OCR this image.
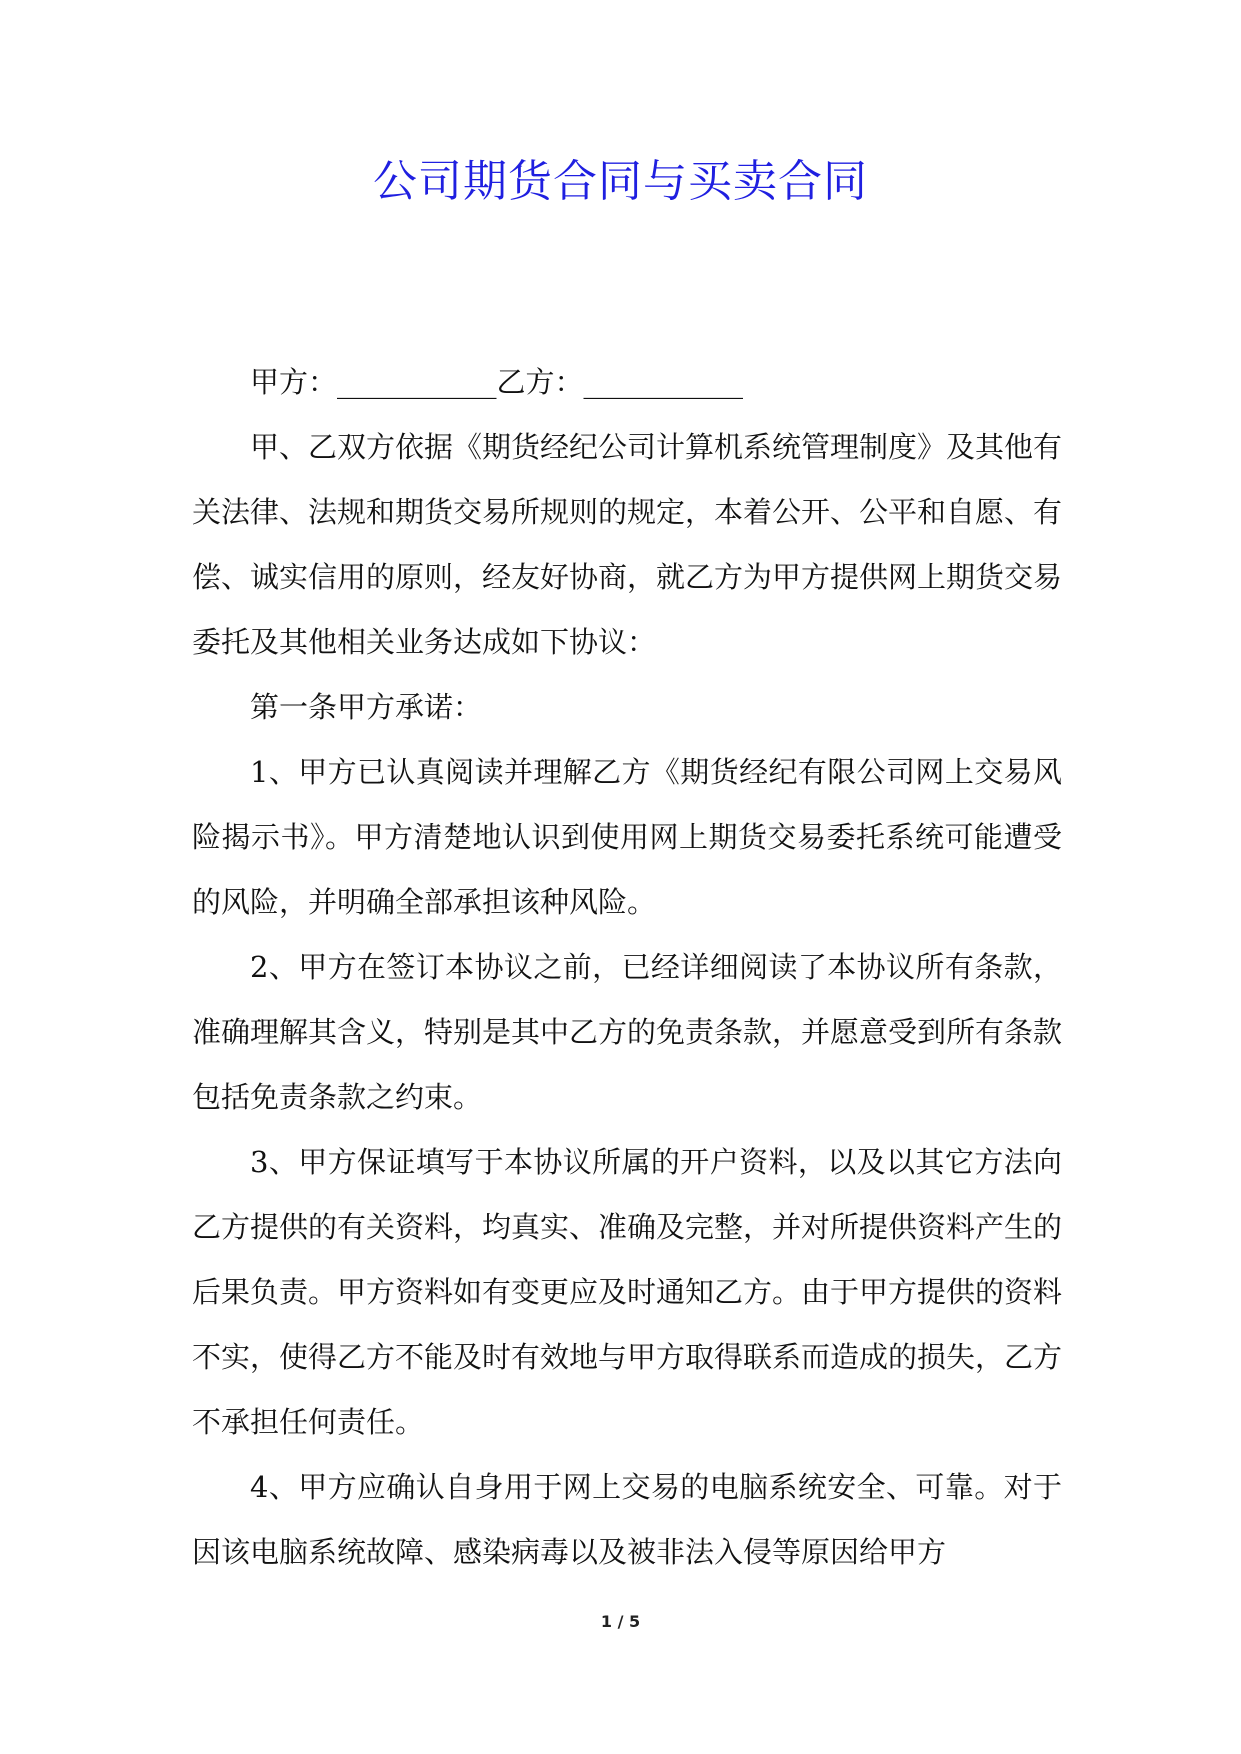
公司期货合同与买卖合同

甲方：___________乙方：___________

甲、乙双方依据《期货经纪公司计算机系统管理制度》及其他有关法律、法规和期货交易所规则的规定，本着公开、公平和自愿、有偿、诚实信用的原则，经友好协商，就乙方为甲方提供网上期货交易委托及其他相关业务达成如下协议：

第一条甲方承诺：

1、甲方已认真阅读并理解乙方《期货经纪有限公司网上交易风险揭示书》。甲方清楚地认识到使用网上期货交易委托系统可能遭受的风险，并明确全部承担该种风险。

2、甲方在签订本协议之前，已经详细阅读了本协议所有条款，准确理解其含义，特别是其中乙方的免责条款，并愿意受到所有条款包括免责条款之约束。

3、甲方保证填写于本协议所属的开户资料，以及以其它方法向乙方提供的有关资料，均真实、准确及完整，并对所提供资料产生的后果负责。甲方资料如有变更应及时通知乙方。由于甲方提供的资料不实，使得乙方不能及时有效地与甲方取得联系而造成的损失，乙方不承担任何责任。

4、甲方应确认自身用于网上交易的电脑系统安全、可靠。对于因该电脑系统故障、感染病毒以及被非法入侵等原因给甲方

1 / 5
